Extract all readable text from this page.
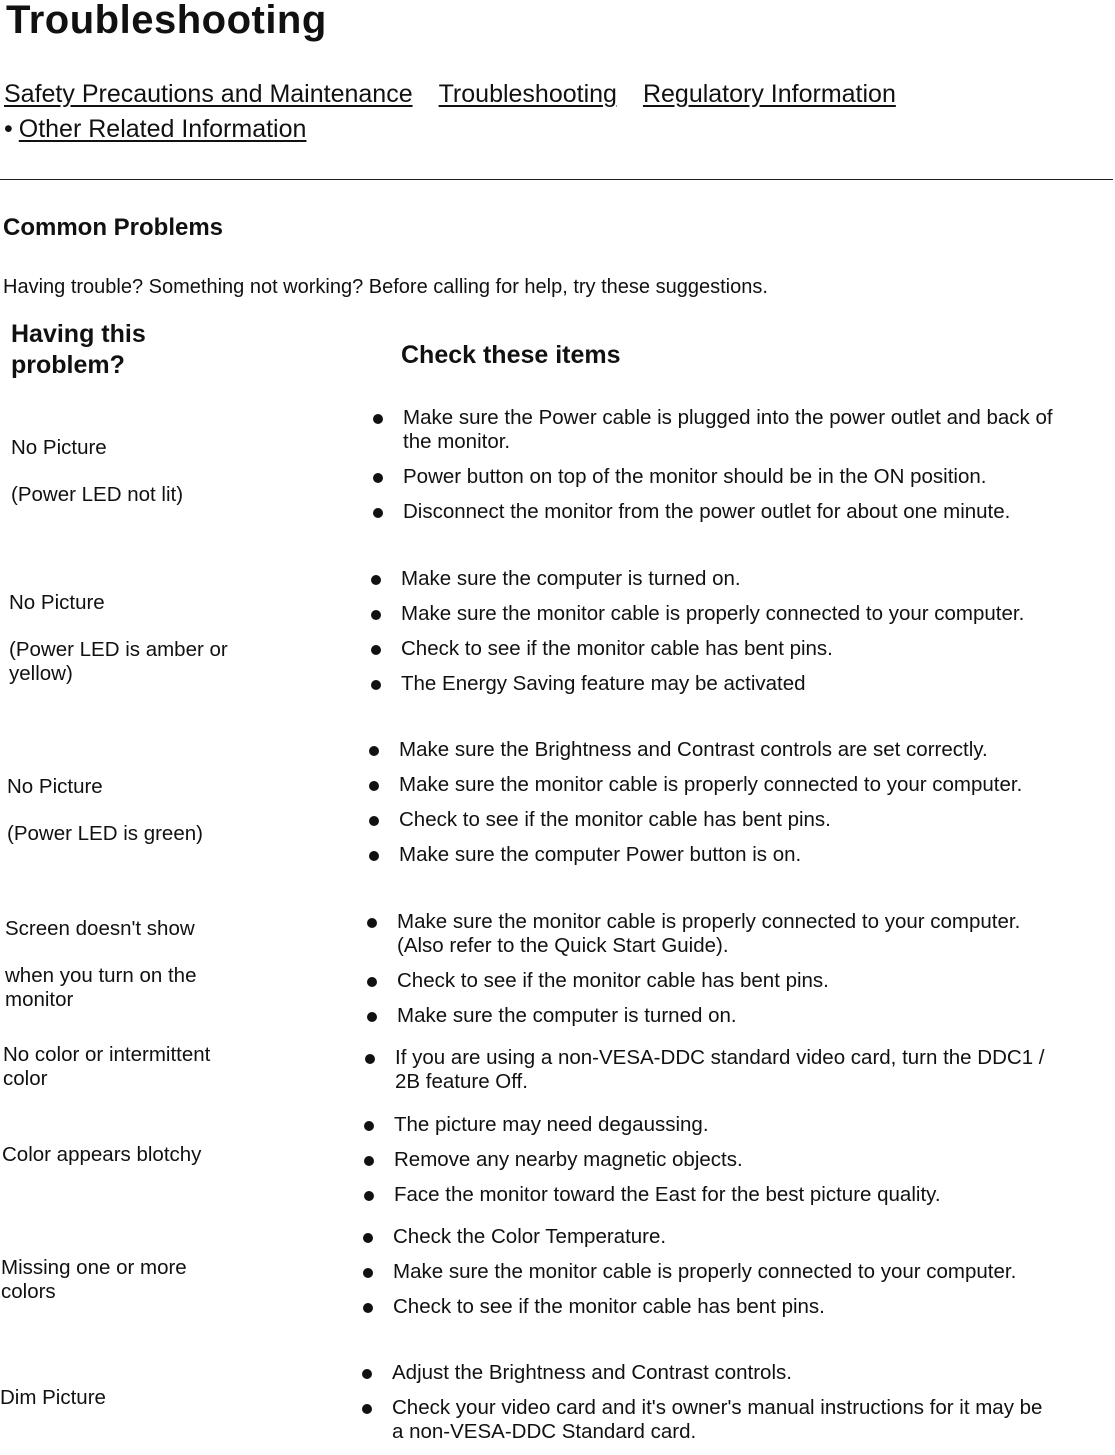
Troubleshooting
Safety Precautions and Maintenance Troubleshooting Regulatory Information
• Other Related Information
Common Problems
Having trouble? Something not working? Before calling for help, try these suggestions.
Having this problem?	Check these items

No Picture

(Power LED not lit)

Make sure the Power cable is plugged into the power outlet and back of the monitor.
Power button on top of the monitor should be in the ON position.
Disconnect the monitor from the power outlet for about one minute.

No Picture

(Power LED is amber or yellow)

Make sure the computer is turned on.
Make sure the monitor cable is properly connected to your computer.
Check to see if the monitor cable has bent pins.
The Energy Saving feature may be activated

No Picture

(Power LED is green)

Make sure the Brightness and Contrast controls are set correctly.
Make sure the monitor cable is properly connected to your computer.
Check to see if the monitor cable has bent pins.
Make sure the computer Power button is on.

Screen doesn't show

when you turn on the monitor

Make sure the monitor cable is properly connected to your computer. (Also refer to the Quick Start Guide).
Check to see if the monitor cable has bent pins.
Make sure the computer is turned on.

No color or intermittent color

If you are using a non-VESA-DDC standard video card, turn the DDC1 / 2B feature Off.

Color appears blotchy

The picture may need degaussing.
Remove any nearby magnetic objects.
Face the monitor toward the East for the best picture quality.

Missing one or more colors

Check the Color Temperature.
Make sure the monitor cable is properly connected to your computer.
Check to see if the monitor cable has bent pins.

Dim Picture

Adjust the Brightness and Contrast controls.
Check your video card and it's owner's manual instructions for it may be a non-VESA-DDC Standard card.
